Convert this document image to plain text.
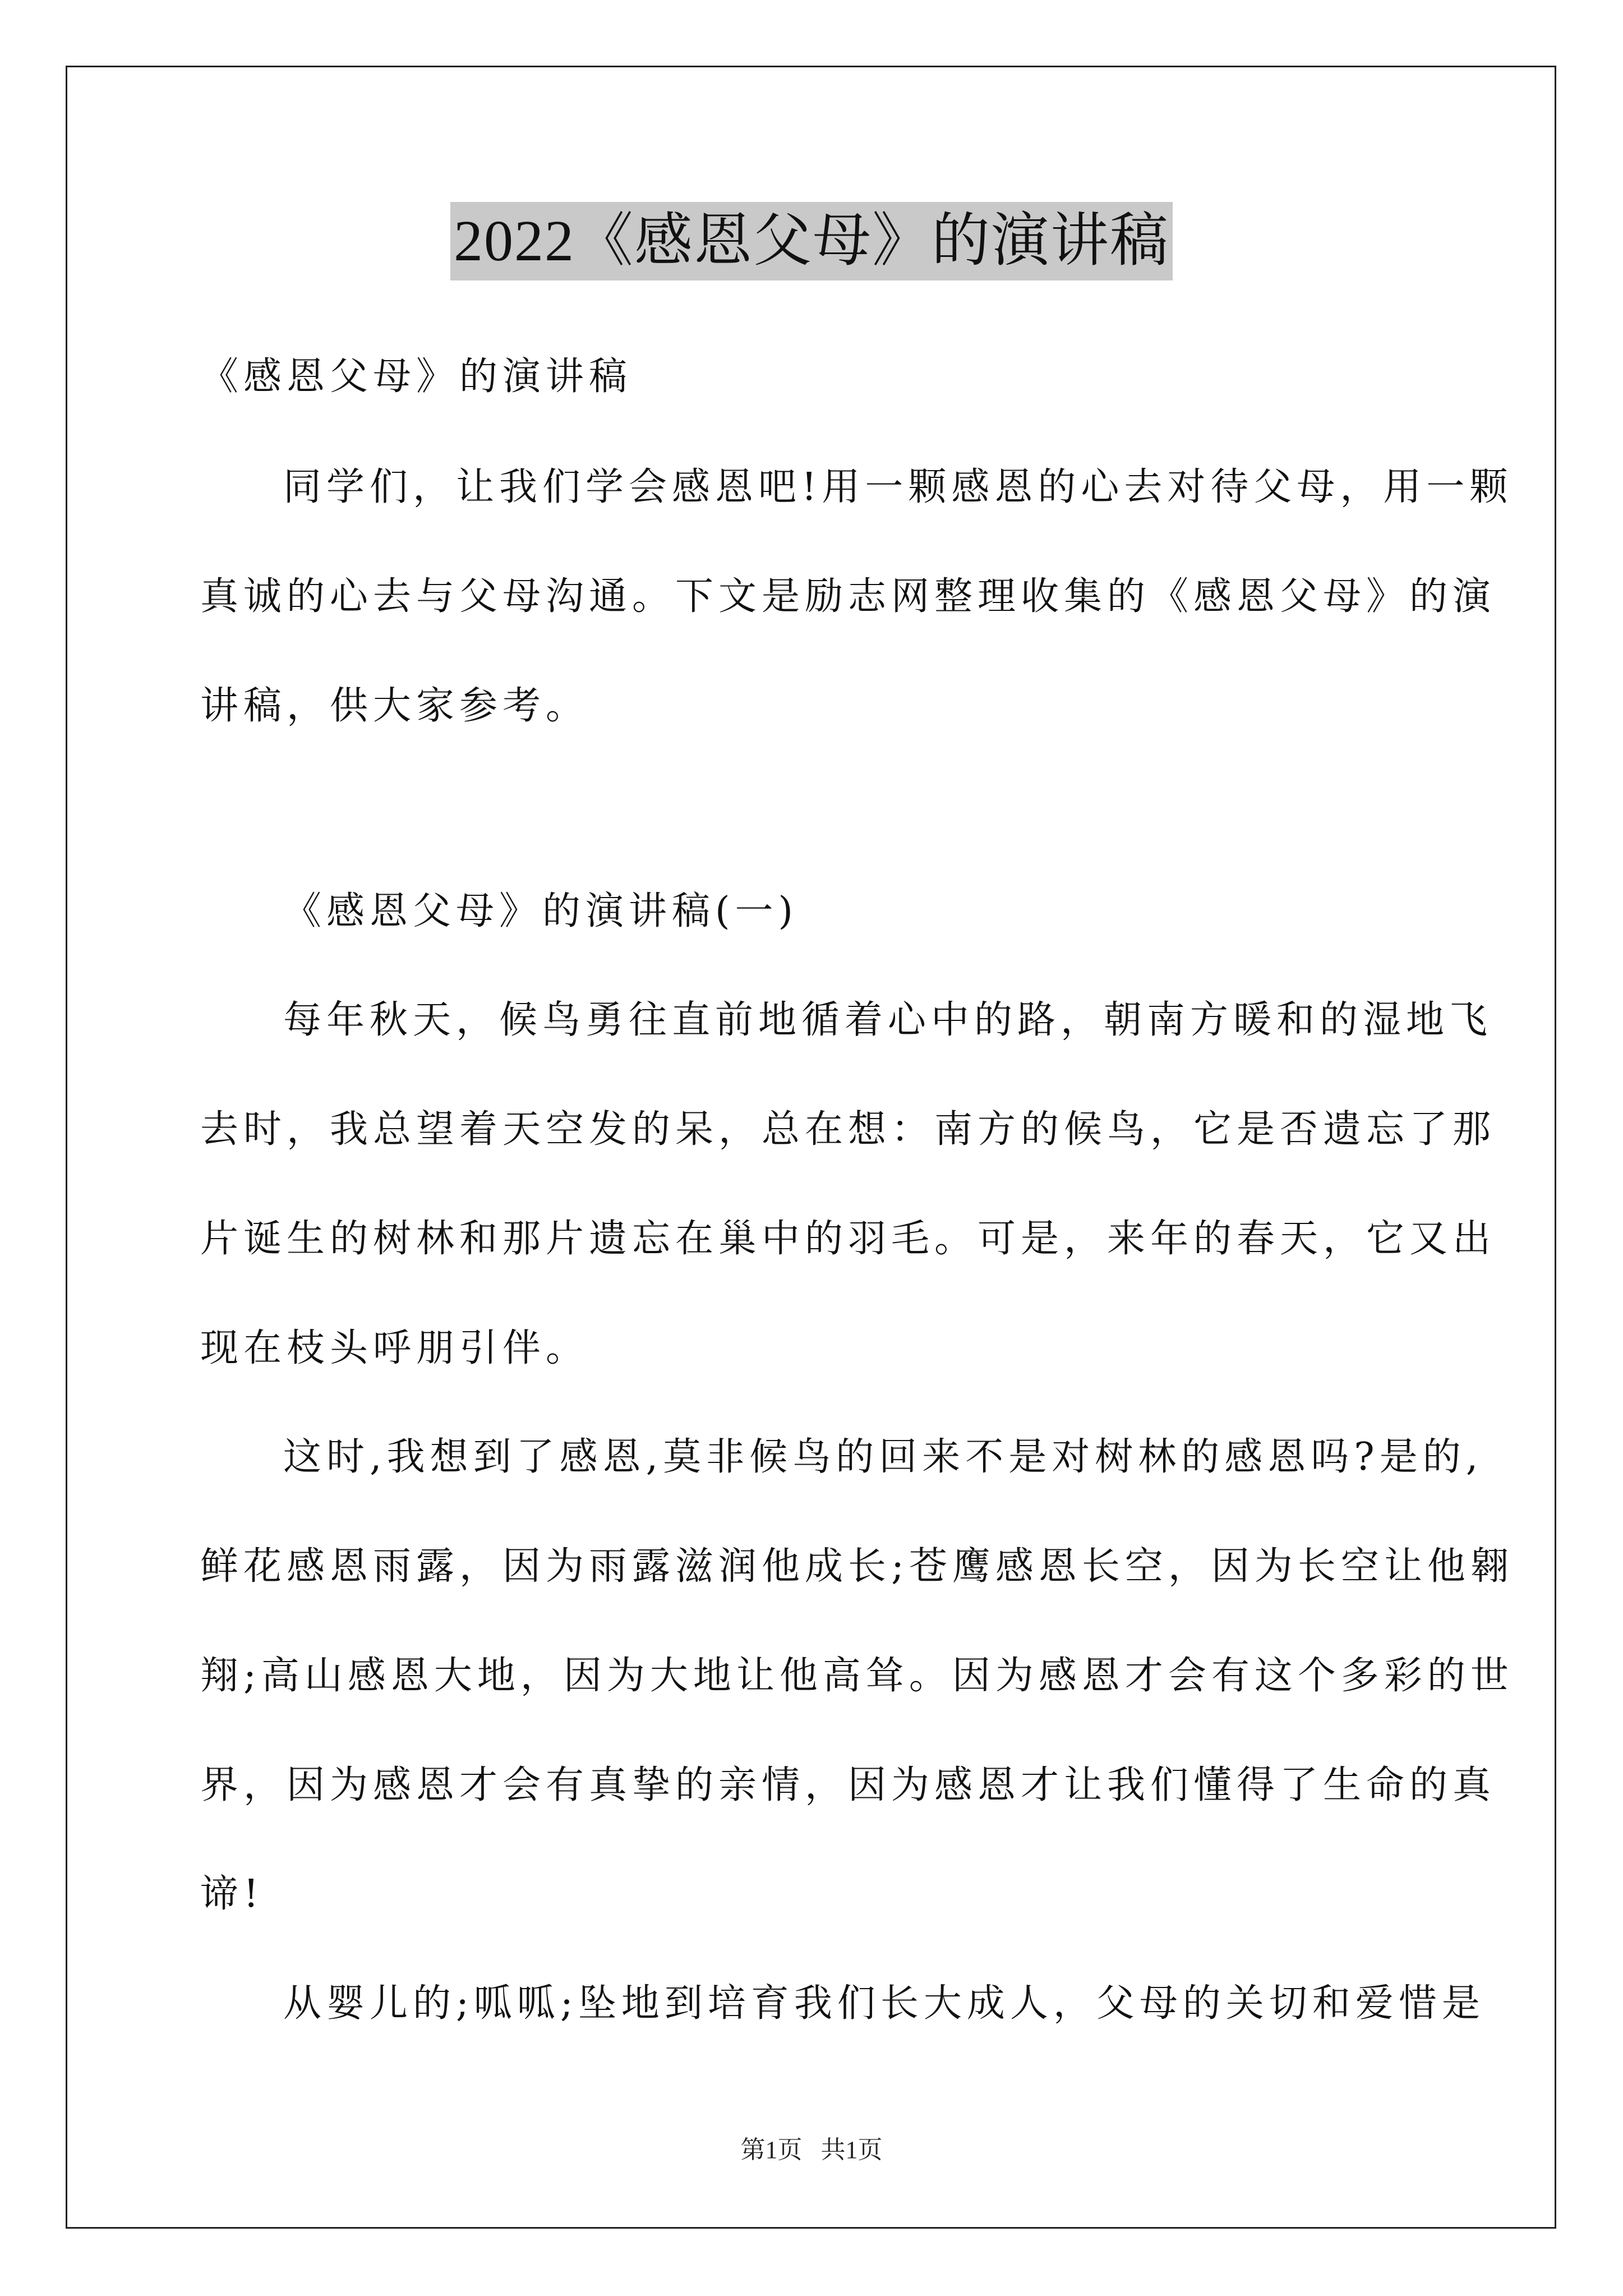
2022《感恩父母》的演讲稿
《感恩父母》的演讲稿
同学们，让我们学会感恩吧!用一颗感恩的心去对待父母，用一颗
真诚的心去与父母沟通。下文是励志网整理收集的《感恩父母》的演
讲稿，供大家参考。
《感恩父母》的演讲稿(一)
每年秋天，候鸟勇往直前地循着心中的路，朝南方暖和的湿地飞
去时，我总望着天空发的呆，总在想：南方的候鸟，它是否遗忘了那
片诞生的树林和那片遗忘在巢中的羽毛。可是，来年的春天，它又出
现在枝头呼朋引伴。
这时,我想到了感恩,莫非候鸟的回来不是对树林的感恩吗?是的,
鲜花感恩雨露，因为雨露滋润他成长;苍鹰感恩长空，因为长空让他翱
翔;高山感恩大地，因为大地让他高耸。因为感恩才会有这个多彩的世
界，因为感恩才会有真挚的亲情，因为感恩才让我们懂得了生命的真
谛!
从婴儿的;呱呱;坠地到培育我们长大成人，父母的关切和爱惜是
第1页   共1页
